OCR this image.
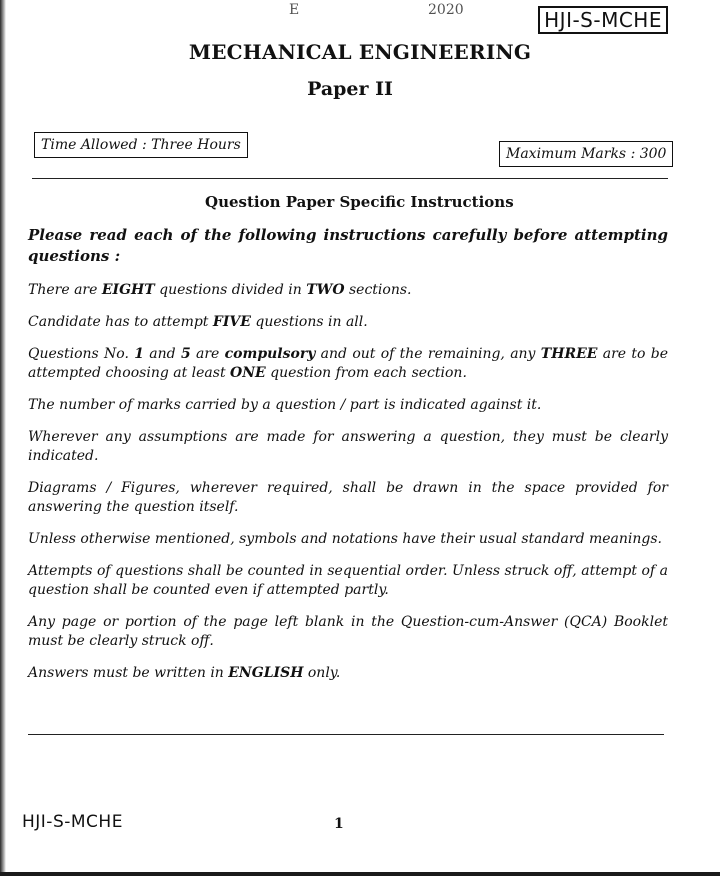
E	2020	HJI-S-MCHE
MECHANICAL ENGINEERING
Paper II
Time Allowed : Three Hours
Maximum Marks : 300
Question Paper Specific Instructions

Please read each of the following instructions carefully before attempting questions :

There are EIGHT questions divided in TWO sections.

Candidate has to attempt FIVE questions in all.

Questions No. 1 and 5 are compulsory and out of the remaining, any THREE are to be attempted choosing at least ONE question from each section.

The number of marks carried by a question / part is indicated against it.

Wherever any assumptions are made for answering a question, they must be clearly indicated.

Diagrams / Figures, wherever required, shall be drawn in the space provided for answering the question itself.

Unless otherwise mentioned, symbols and notations have their usual standard meanings.

Attempts of questions shall be counted in sequential order. Unless struck off, attempt of a question shall be counted even if attempted partly.

Any page or portion of the page left blank in the Question-cum-Answer (QCA) Booklet must be clearly struck off.

Answers must be written in ENGLISH only.

HJI-S-MCHE	1
